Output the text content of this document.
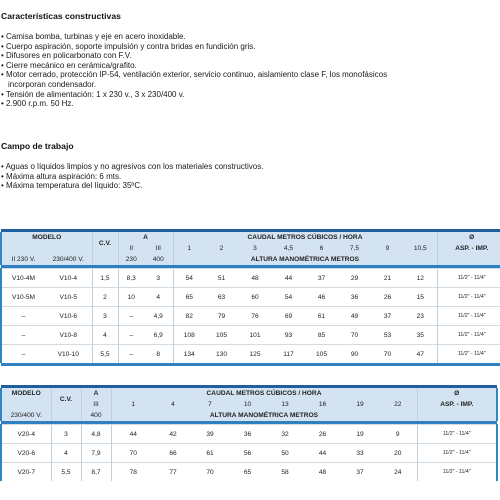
Características constructivas
• Camisa bomba, turbinas y eje en acero inoxidable.
• Cuerpo aspiración, soporte impulsión y contra bridas en fundición gris.
• Difusores en policarbonato con F.V.
• Cierre mecánico en cerámica/grafito.
• Motor cerrado, protección IP-54, ventilación exterior, servicio continuo, aislamiento clase F, los monofásicos
incorporan condensador.
• Tensión de alimentación: 1 x 230 v., 3 x 230/400 v.
• 2.900 r.p.m. 50 Hz.
Campo de trabajo
• Aguas o líquidos limpios y no agresivos con los materiales constructivos.
• Máxima altura aspiración: 6 mts.
• Máxima temperatura del líquido: 35ºC.

MODELO		C.V.	A		CAUDAL METROS CÚBICOS / HORA								Ø
			II	III	1	2	3	4,5	6	7,5	9	10,5	ASP. - IMP.
II 230 V.	230/400 V.		230	400	ALTURA MANOMÉTRICA METROS								

V10-4M	V10-4	1,5	8,3	3	54	51	48	44	37	29	21	12	11/2" - 11/4"
V10-5M	V10-5	2	10	4	65	63	60	54	46	36	26	15	11/2" - 11/4"
–	V10-6	3	–	4,9	82	79	76	69	61	49	37	23	11/2" - 11/4"
–	V10-8	4	–	6,9	108	105	101	93	85	70	53	35	11/2" - 11/4"
–	V10-10	5,5	–	8	134	130	125	117	105	90	70	47	11/2" - 11/4"

MODELO	C.V.	A	CAUDAL METROS CÚBICOS / HORA								Ø
		III	1	4	7	10	13	16	19	22	ASP. - IMP.
230/400 V.		400	ALTURA MANOMÉTRICA METROS								

V20-4	3	4,8	44	42	39	36	32	26	19	9	11/2" - 11/4"
V20-6	4	7,9	70	66	61	56	50	44	33	20	11/2" - 11/4"
V20-7	5,5	8,7	78	77	70	65	58	48	37	24	11/2" - 11/4"
